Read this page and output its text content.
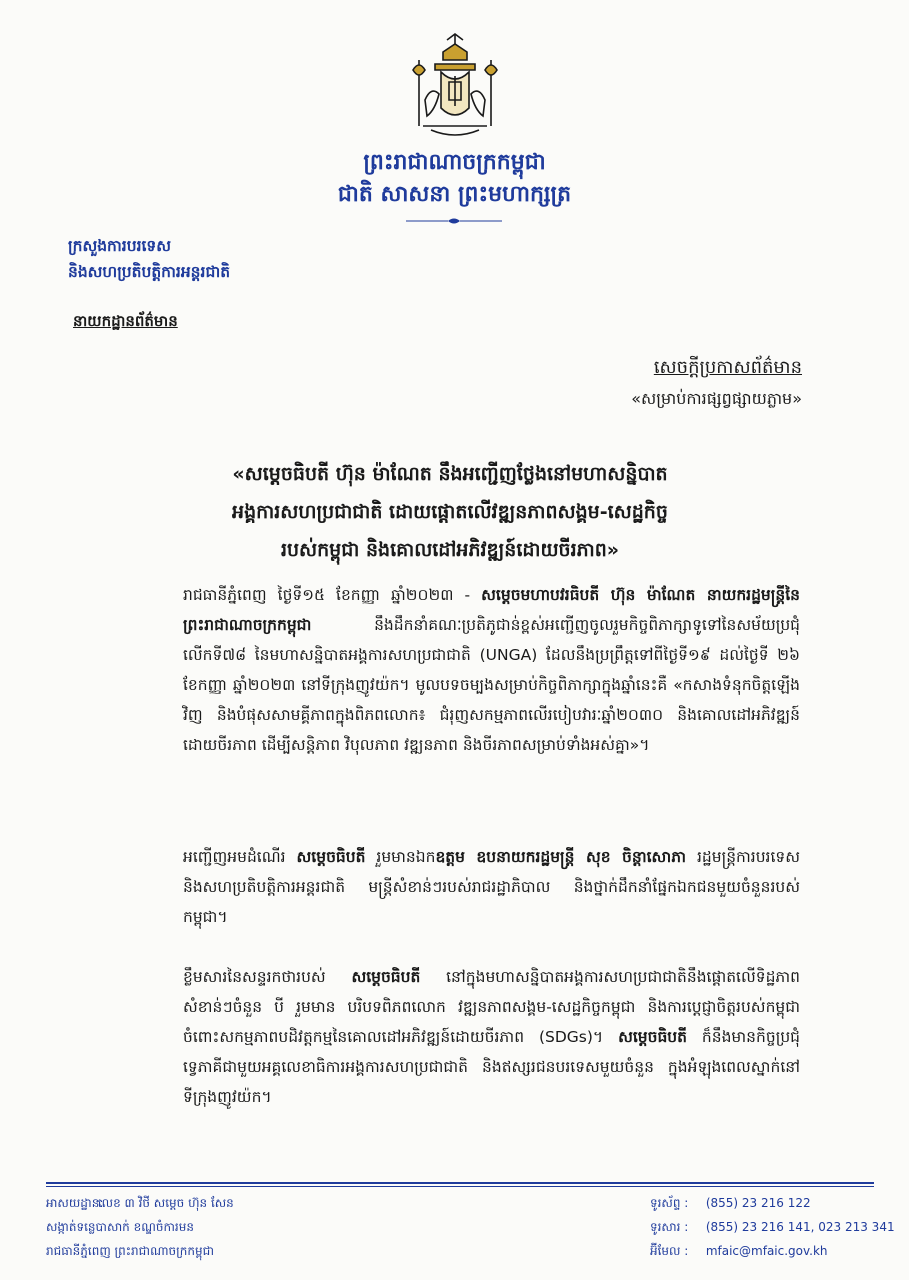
ព្រះរាជាណាចក្រកម្ពុជា
ជាតិ សាសនា ព្រះមហាក្សត្រ
ក្រសួងការបរទេស
និងសហប្រតិបត្តិការអន្តរជាតិ
នាយកដ្ឋានព័ត៌មាន
សេចក្តីប្រកាសព័ត៌មាន
«សម្រាប់ការផ្សព្វផ្សាយភ្លាម»
«សម្តេចធិបតី ហ៊ុន ម៉ាណែត នឹងអញ្ជើញថ្លែងនៅមហាសន្និបាត
អង្គការសហប្រជាជាតិ ដោយផ្តោតលើវឌ្ឍនភាពសង្គម-សេដ្ឋកិច្ច
របស់កម្ពុជា និងគោលដៅអភិវឌ្ឍន៍ដោយចីរភាព»
រាជធានីភ្នំពេញ ថ្ងៃទី១៥ ខែកញ្ញា ឆ្នាំ២០២៣ - សម្តេចមហាបវរធិបតី ហ៊ុន ម៉ាណែត នាយករដ្ឋមន្ត្រីនៃព្រះរាជាណាចក្រកម្ពុជា នឹងដឹកនាំគណៈប្រតិភូជាន់ខ្ពស់អញ្ជើញចូលរួមកិច្ចពិភាក្សាទូទៅនៃសម័យប្រជុំលើកទី៧៨ នៃមហាសន្និបាតអង្គការសហប្រជាជាតិ (UNGA) ដែលនឹងប្រព្រឹត្តទៅពីថ្ងៃទី១៩ ដល់ថ្ងៃទី ២៦ ខែកញ្ញា ឆ្នាំ២០២៣ នៅទីក្រុងញូវយ៉ក។ មូលបទចម្បងសម្រាប់កិច្ចពិភាក្សាក្នុងឆ្នាំនេះគឺ «កសាងទំនុកចិត្តឡើងវិញ និងបំផុសសាមគ្គីភាពក្នុងពិភពលោក៖ ជំរុញសកម្មភាពលើរបៀបវារៈឆ្នាំ២០៣០ និងគោលដៅអភិវឌ្ឍន៍ដោយចីរភាព ដើម្បីសន្តិភាព វិបុលភាព វឌ្ឍនភាព និងចីរភាពសម្រាប់ទាំងអស់គ្នា»។
អញ្ជើញអមដំណើរ សម្តេចធិបតី រួមមានឯកឧត្តម ឧបនាយករដ្ឋមន្ត្រី សុខ ចិន្តាសោភា រដ្ឋមន្ត្រីការបរទេសនិងសហប្រតិបត្តិការអន្តរជាតិ មន្ត្រីសំខាន់ៗរបស់រាជរដ្ឋាភិបាល និងថ្នាក់ដឹកនាំផ្នែកឯកជនមួយចំនួនរបស់កម្ពុជា។
ខ្លឹមសារនៃសន្ទរកថារបស់ សម្តេចធិបតី នៅក្នុងមហាសន្និបាតអង្គការសហប្រជាជាតិនឹងផ្តោតលើទិដ្ឋភាពសំខាន់ៗចំនួន បី រួមមាន បរិបទពិភពលោក វឌ្ឍនភាពសង្គម-សេដ្ឋកិច្ចកម្ពុជា និងការប្តេជ្ញាចិត្តរបស់កម្ពុជាចំពោះសកម្មភាពបដិវត្តកម្មនៃគោលដៅអភិវឌ្ឍន៍ដោយចីរភាព (SDGs)។ សម្តេចធិបតី ក៏នឹងមានកិច្ចប្រជុំទ្វេភាគីជាមួយអគ្គលេខាធិការអង្គការសហប្រជាជាតិ និងឥស្សរជនបរទេសមួយចំនួន ក្នុងអំឡុងពេលស្នាក់នៅទីក្រុងញូវយ៉ក។
អាសយដ្ឋាន: លេខ ៣ វិថី សម្តេច ហ៊ុន សែន
សង្កាត់ទន្លេបាសាក់ ខណ្ឌចំការមន
រាជធានីភ្នំពេញ ព្រះរាជាណាចក្រកម្ពុជា
ទូរស័ព្ទ : (855) 23 216 122
ទូរសារ : (855) 23 216 141, 023 213 341
អ៊ីមែល : mfaic@mfaic.gov.kh
